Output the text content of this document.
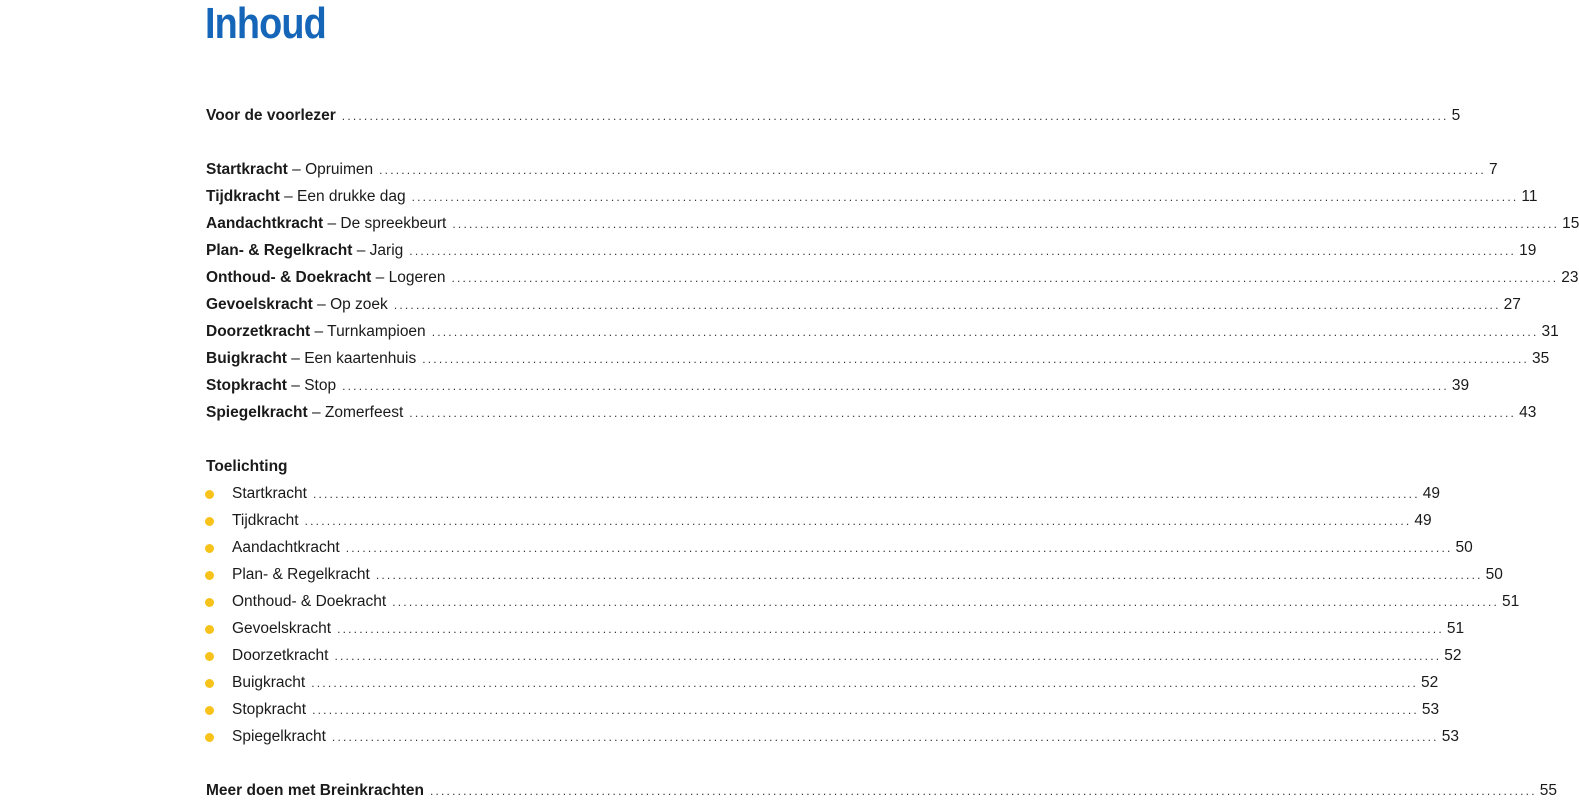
Inhoud
Voor de voorlezer ........................................................................................................................................................................................................ 5
Startkracht – Opruimen ........................................................................................................................................................................................................ 7
Tijdkracht – Een drukke dag ........................................................................................................................................................................................................ 11
Aandachtkracht – De spreekbeurt ........................................................................................................................................................................................................ 15
Plan- & Regelkracht – Jarig ........................................................................................................................................................................................................ 19
Onthoud- & Doekracht – Logeren ........................................................................................................................................................................................................ 23
Gevoelskracht – Op zoek ........................................................................................................................................................................................................ 27
Doorzetkracht – Turnkampioen ........................................................................................................................................................................................................ 31
Buigkracht – Een kaartenhuis ........................................................................................................................................................................................................ 35
Stopkracht – Stop ........................................................................................................................................................................................................ 39
Spiegelkracht – Zomerfeest ........................................................................................................................................................................................................ 43
Toelichting
Startkracht ........................................................................................................................................................................................................ 49
Tijdkracht ........................................................................................................................................................................................................ 49
Aandachtkracht ........................................................................................................................................................................................................ 50
Plan- & Regelkracht ........................................................................................................................................................................................................ 50
Onthoud- & Doekracht ........................................................................................................................................................................................................ 51
Gevoelskracht ........................................................................................................................................................................................................ 51
Doorzetkracht ........................................................................................................................................................................................................ 52
Buigkracht ........................................................................................................................................................................................................ 52
Stopkracht ........................................................................................................................................................................................................ 53
Spiegelkracht ........................................................................................................................................................................................................ 53
Meer doen met Breinkrachten ........................................................................................................................................................................................................ 55
